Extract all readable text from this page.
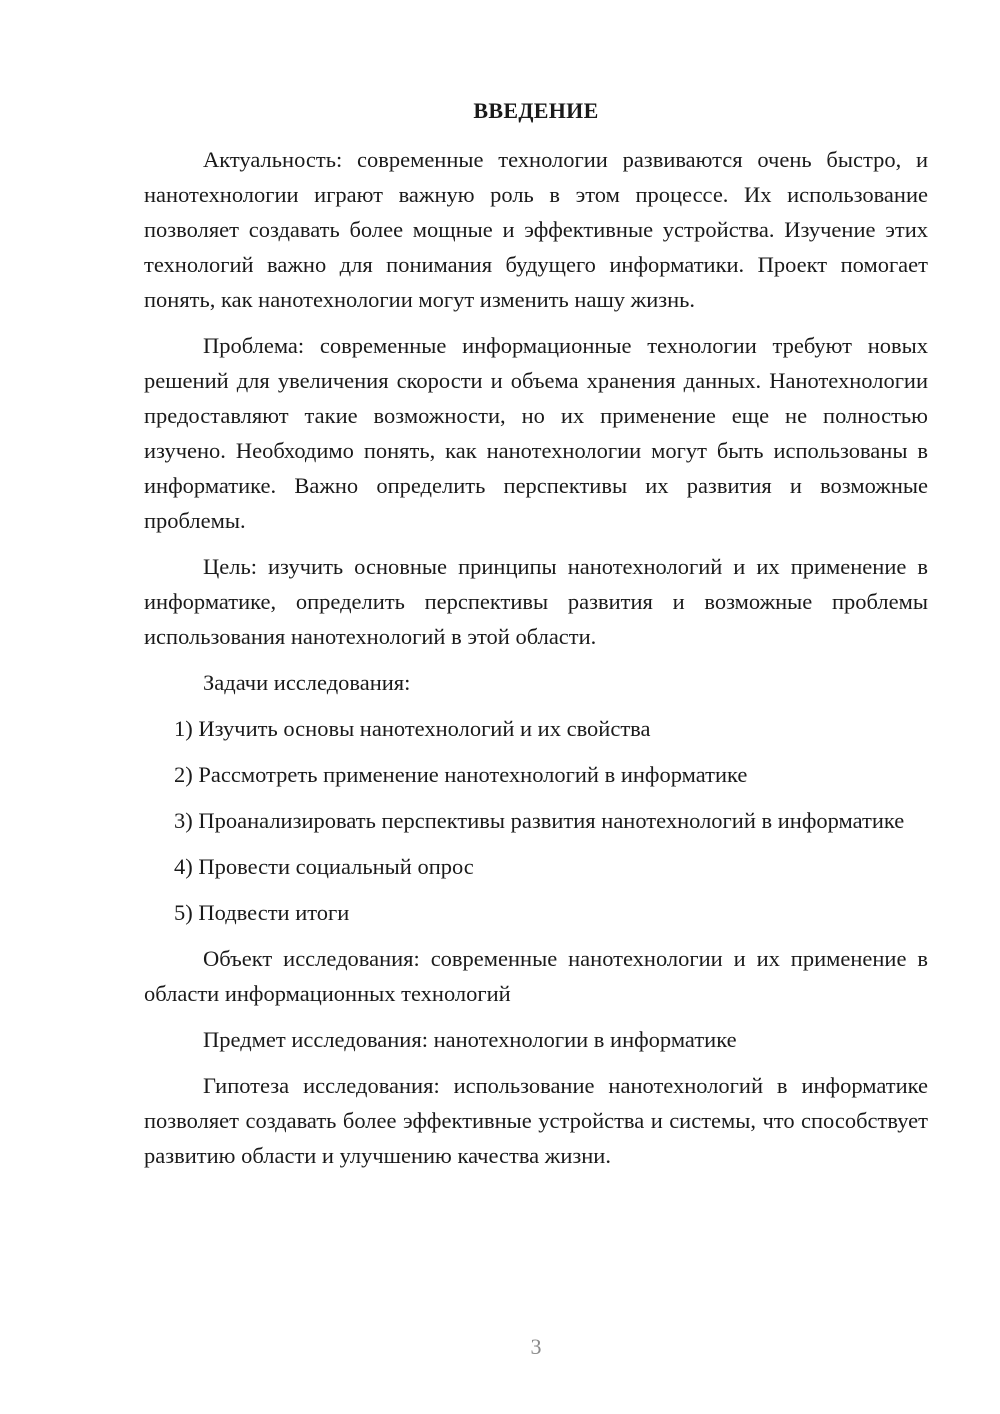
ВВЕДЕНИЕ

Актуальность: современные технологии развиваются очень быстро, и нанотехнологии играют важную роль в этом процессе. Их использование позволяет создавать более мощные и эффективные устройства. Изучение этих технологий важно для понимания будущего информатики. Проект помогает понять, как нанотехнологии могут изменить нашу жизнь.

Проблема: современные информационные технологии требуют новых решений для увеличения скорости и объема хранения данных. Нанотехнологии предоставляют такие возможности, но их применение еще не полностью изучено. Необходимо понять, как нанотехнологии могут быть использованы в информатике. Важно определить перспективы их развития и возможные проблемы.

Цель: изучить основные принципы нанотехнологий и их применение в информатике, определить перспективы развития и возможные проблемы использования нанотехнологий в этой области.

Задачи исследования:

1) Изучить основы нанотехнологий и их свойства

2) Рассмотреть применение нанотехнологий в информатике

3) Проанализировать перспективы развития нанотехнологий в информатике

4) Провести социальный опрос

5) Подвести итоги

Объект исследования: современные нанотехнологии и их применение в области информационных технологий

Предмет исследования: нанотехнологии в информатике

Гипотеза исследования: использование нанотехнологий в информатике позволяет создавать более эффективные устройства и системы, что способствует развитию области и улучшению качества жизни.

3
